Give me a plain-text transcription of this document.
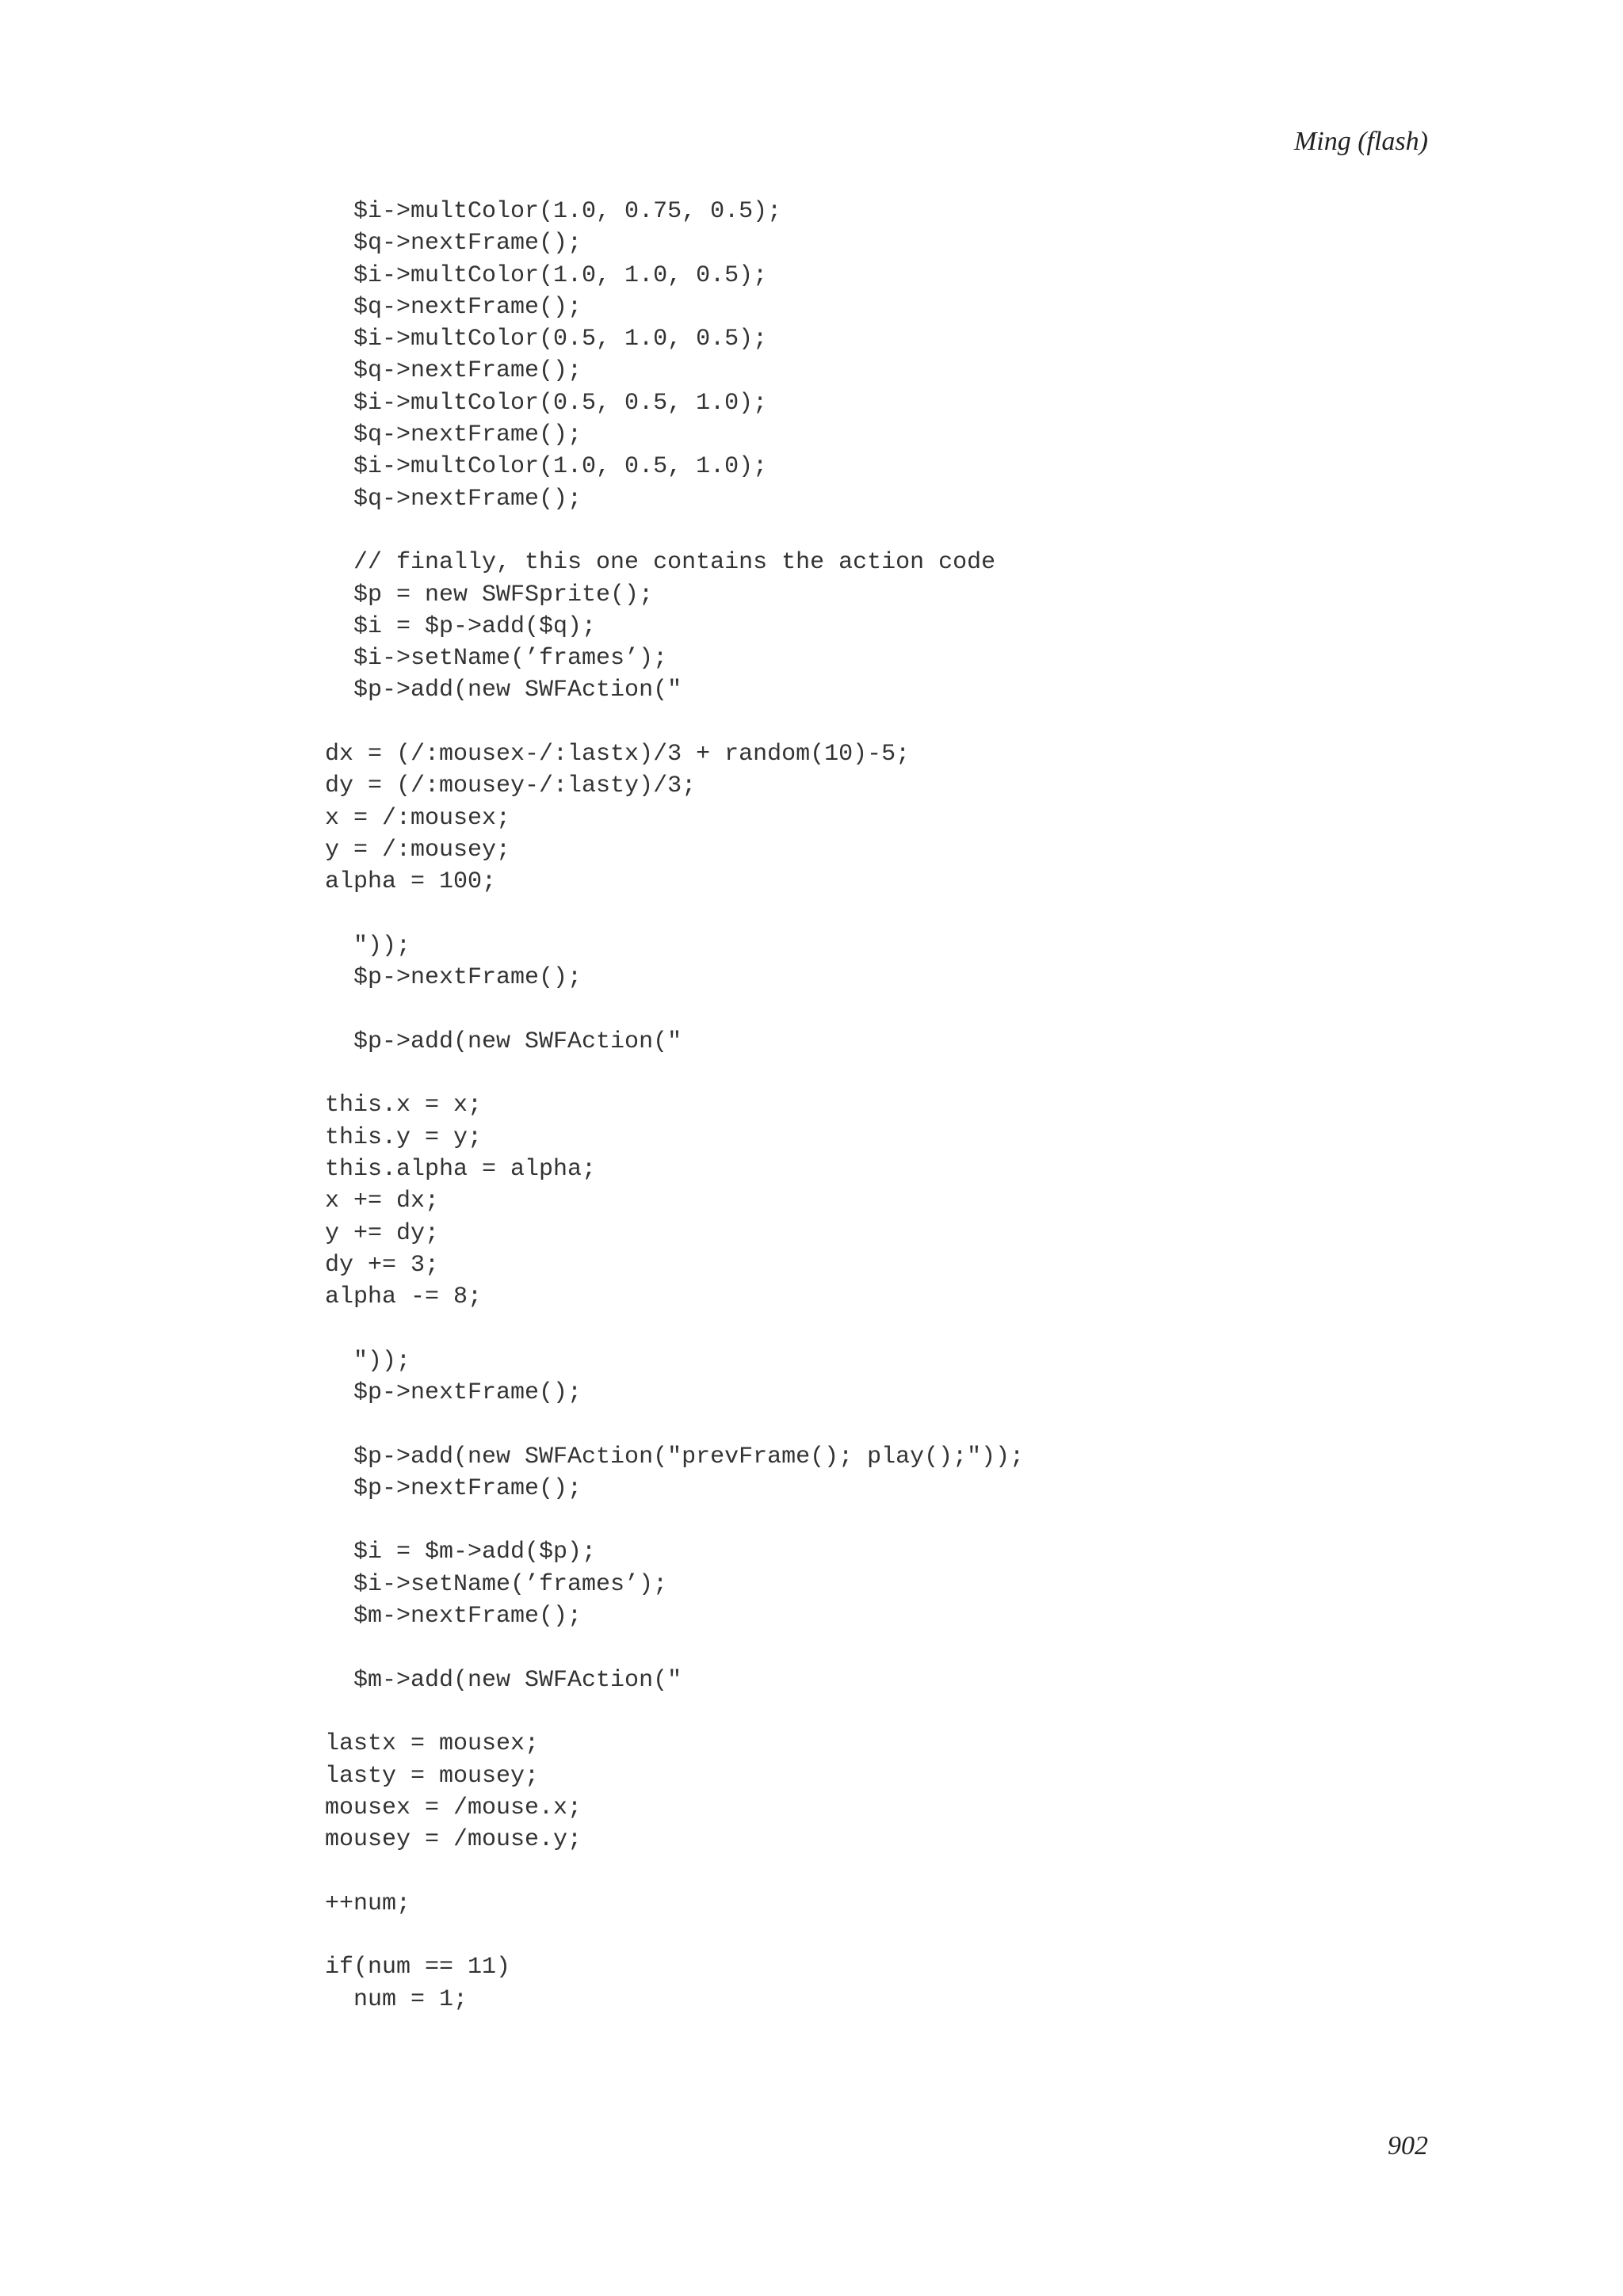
Ming (flash)
$i->multColor(1.0, 0.75, 0.5);
$q->nextFrame();
$i->multColor(1.0, 1.0, 0.5);
$q->nextFrame();
$i->multColor(0.5, 1.0, 0.5);
$q->nextFrame();
$i->multColor(0.5, 0.5, 1.0);
$q->nextFrame();
$i->multColor(1.0, 0.5, 1.0);
$q->nextFrame();
// finally, this one contains the action code
$p = new SWFSprite();
$i = $p->add($q);
$i->setName(’frames’);
$p->add(new SWFAction("
dx = (/:mousex-/:lastx)/3 + random(10)-5;
dy = (/:mousey-/:lasty)/3;
x = /:mousex;
y = /:mousey;
alpha = 100;
"));
$p->nextFrame();
$p->add(new SWFAction("
this.x = x;
this.y = y;
this.alpha = alpha;
x += dx;
y += dy;
dy += 3;
alpha -= 8;
"));
$p->nextFrame();
$p->add(new SWFAction("prevFrame(); play();"));
$p->nextFrame();
$i = $m->add($p);
$i->setName(’frames’);
$m->nextFrame();
$m->add(new SWFAction("
lastx = mousex;
lasty = mousey;
mousex = /mouse.x;
mousey = /mouse.y;
++num;
if(num == 11)
num = 1;
902
